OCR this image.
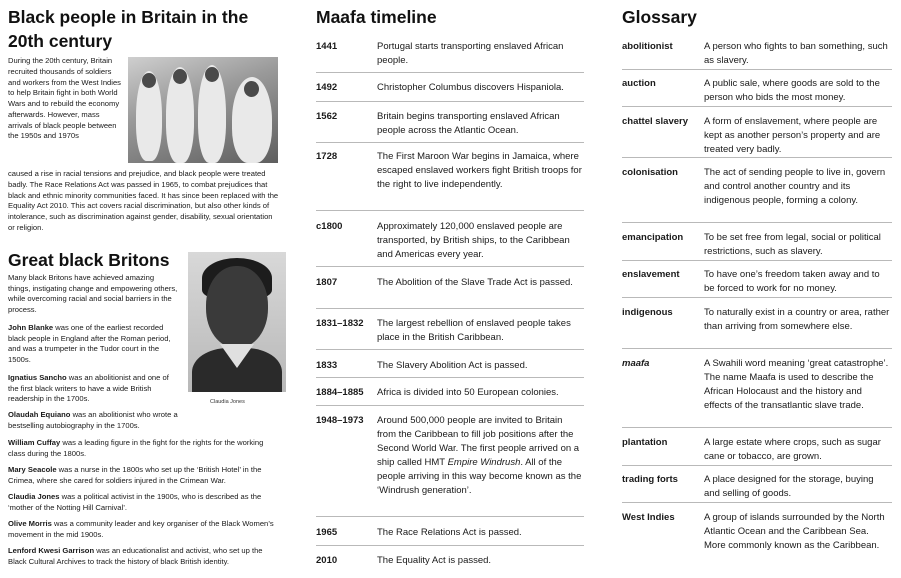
Black people in Britain in the 20th century

During the 20th century, Britain recruited thousands of soldiers and workers from the West Indies to help Britain fight in both World Wars and to rebuild the economy afterwards. However, mass arrivals of black people between the 1950s and 1970s

caused a rise in racial tensions and prejudice, and black people were treated badly. The Race Relations Act was passed in 1965, to combat prejudices that black and ethnic minority communities faced. It has since been replaced with the Equality Act 2010. This act covers racial discrimination, but also other kinds of intolerance, such as discrimination against gender, disability, sexual orientation or religion.

Great black Britons

Many black Britons have achieved amazing things, instigating change and empowering others, while overcoming racial and social barriers in the process.

Claudia Jones

John Blanke was one of the earliest recorded black people in England after the Roman period, and was a trumpeter in the Tudor court in the 1500s.

Ignatius Sancho was an abolitionist and one of the first black writers to have a wide British readership in the 1700s.

Olaudah Equiano was an abolitionist who wrote a bestselling autobiography in the 1700s.

William Cuffay was a leading figure in the fight for the rights for the working class during the 1800s.

Mary Seacole was a nurse in the 1800s who set up the ‘British Hotel’ in the Crimea, where she cared for soldiers injured in the Crimean War.

Claudia Jones was a political activist in the 1900s, who is described as the ‘mother of the Notting Hill Carnival’.

Olive Morris was a community leader and key organiser of the Black Women’s movement in the mid 1900s.

Lenford Kwesi Garrison was an educationalist and activist, who set up the Black Cultural Archives to track the history of black British identity.

Maafa timeline
1441	Portugal starts transporting enslaved African people.
1492	Christopher Columbus discovers Hispaniola.
1562	Britain begins transporting enslaved African people across the Atlantic Ocean.
1728	The First Maroon War begins in Jamaica, where escaped enslaved workers fight British troops for the right to live independently.
c1800	Approximately 120,000 enslaved people are transported, by British ships, to the Caribbean and Americas every year.
1807	The Abolition of the Slave Trade Act is passed.
1831–1832	The largest rebellion of enslaved people takes place in the British Caribbean.
1833	The Slavery Abolition Act is passed.
1884–1885	Africa is divided into 50 European colonies.
1948–1973	Around 500,000 people are invited to Britain from the Caribbean to fill job positions after the Second World War. The first people arrived on a ship called HMT Empire Windrush. All of the people arriving in this way become known as the ‘Windrush generation’.
1965	The Race Relations Act is passed.
2010	The Equality Act is passed.
Glossary
abolitionist	A person who fights to ban something, such as slavery.
auction	A public sale, where goods are sold to the person who bids the most money.
chattel slavery	A form of enslavement, where people are kept as another person’s property and are treated very badly.
colonisation	The act of sending people to live in, govern and control another country and its indigenous people, forming a colony.
emancipation	To be set free from legal, social or political restrictions, such as slavery.
enslavement	To have one’s freedom taken away and to be forced to work for no money.
indigenous	To naturally exist in a country or area, rather than arriving from somewhere else.
maafa	A Swahili word meaning ‘great catastrophe’. The name Maafa is used to describe the African Holocaust and the history and effects of the transatlantic slave trade.
plantation	A large estate where crops, such as sugar cane or tobacco, are grown.
trading forts	A place designed for the storage, buying and selling of goods.
West Indies	A group of islands surrounded by the North Atlantic Ocean and the Caribbean Sea. More commonly known as the Caribbean.
